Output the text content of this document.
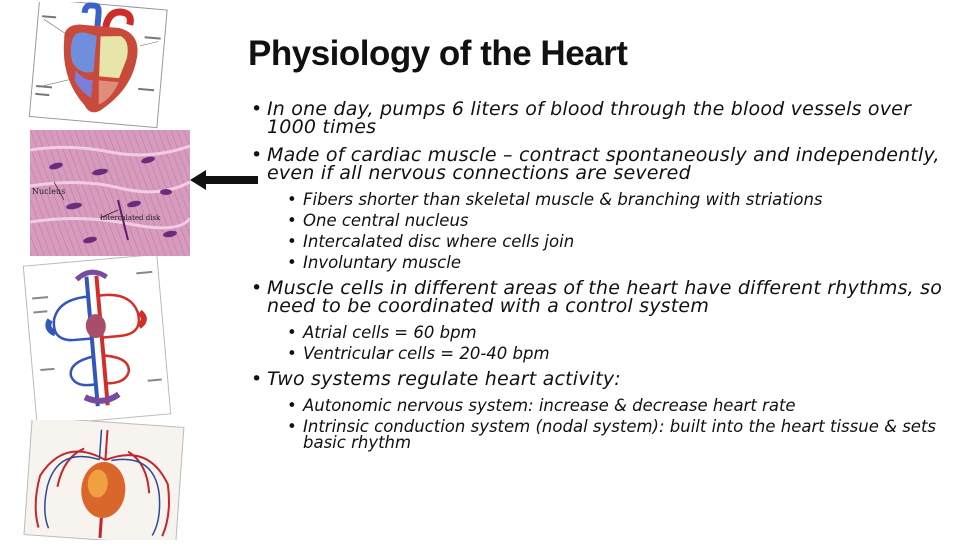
Nucleus
Intercalated disk
Physiology of the Heart
• In one day, pumps 6 liters of blood through the blood vessels over 1000 times
• Made of cardiac muscle – contract spontaneously and independently, even if all nervous connections are severed
• Fibers shorter than skeletal muscle & branching with striations
• One central nucleus
• Intercalated disc where cells join
• Involuntary muscle
• Muscle cells in different areas of the heart have different rhythms, so need to be coordinated with a control system
• Atrial cells = 60 bpm
• Ventricular cells = 20-40 bpm
• Two systems regulate heart activity:
• Autonomic nervous system: increase & decrease heart rate
• Intrinsic conduction system (nodal system): built into the heart tissue & sets basic rhythm
